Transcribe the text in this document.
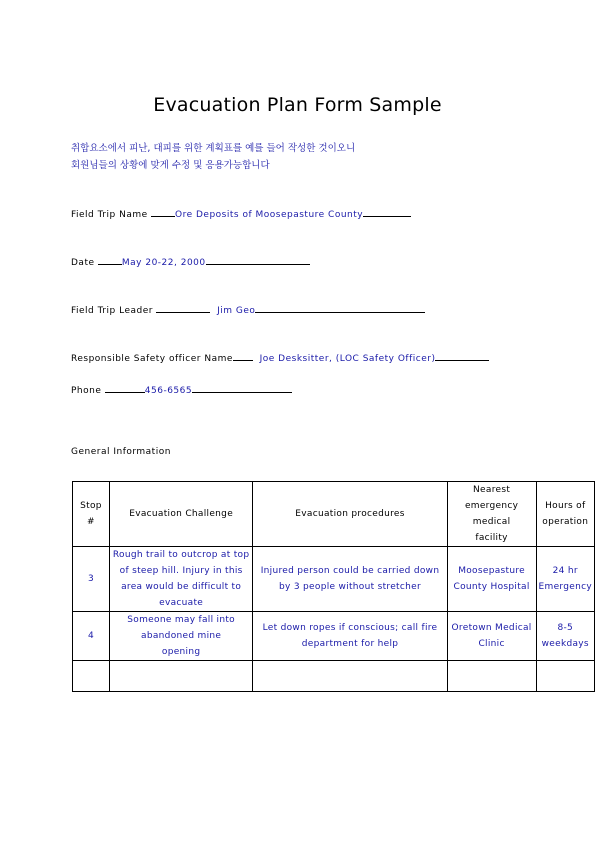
Evacuation Plan Form Sample
취합요소에서 피난, 대피를 위한 계획표를 예를 들어 작성한 것이오니
회원님들의 상황에 맞게 수정 및 응용가능합니다
Field Trip Name	Ore Deposits of Moosepasture County
Date	May 20-22, 2000
Field Trip Leader	Jim Geo
Responsible Safety officer Name	Joe Desksitter, (LOC Safety Officer)
Phone	456-6565
General Information
Stop #	Evacuation Challenge	Evacuation procedures	Nearest emergency medical facility	Hours of operation
3	Rough trail to outcrop at top of steep hill. Injury in this area would be difficult to evacuate	Injured person could be carried down by 3 people without stretcher	Moosepasture County Hospital	24 hr Emergency
4	Someone may fall into abandoned mine opening	Let down ropes if conscious; call fire department for help	Oretown Medical Clinic	8-5 weekdays
